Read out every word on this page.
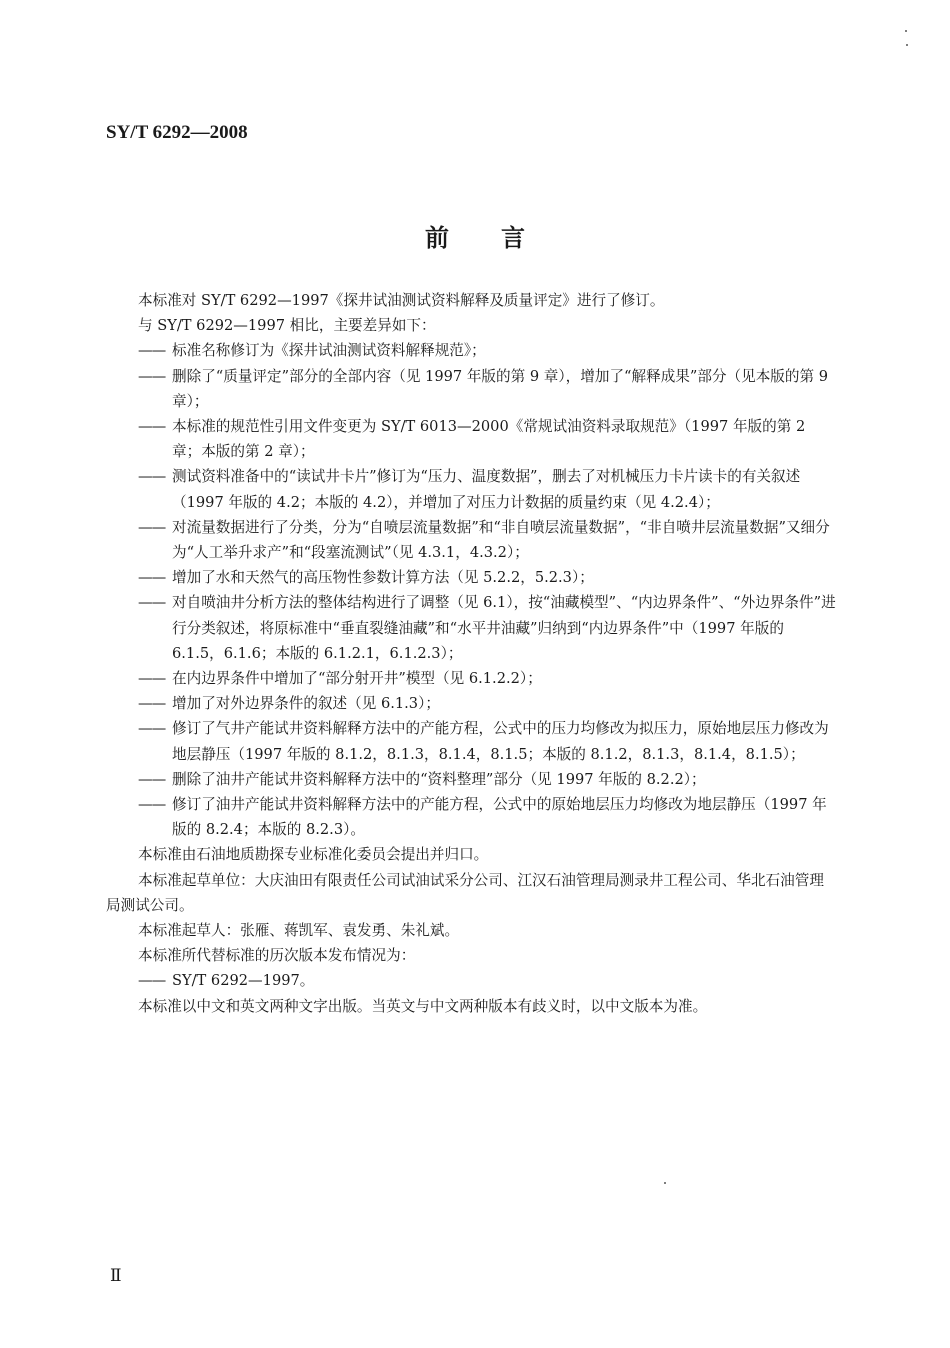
SY/T 6292—2008
前言

本标准对 SY/T 6292—1997《探井试油测试资料解释及质量评定》进行了修订。

与 SY/T 6292—1997 相比，主要差异如下：

—— 标准名称修订为《探井试油测试资料解释规范》；
—— 删除了“质量评定”部分的全部内容（见 1997 年版的第 9 章），增加了“解释成果”部分（见本版的第 9 章）；
—— 本标准的规范性引用文件变更为 SY/T 6013—2000《常规试油资料录取规范》（1997 年版的第 2 章；本版的第 2 章）；
—— 测试资料准备中的“读试井卡片”修订为“压力、温度数据”，删去了对机械压力卡片读卡的有关叙述（1997 年版的 4.2；本版的 4.2），并增加了对压力计数据的质量约束（见 4.2.4）；
—— 对流量数据进行了分类，分为“自喷层流量数据”和“非自喷层流量数据”，“非自喷井层流量数据”又细分为“人工举升求产”和“段塞流测试”（见 4.3.1，4.3.2）；
—— 增加了水和天然气的高压物性参数计算方法（见 5.2.2，5.2.3）；
—— 对自喷油井分析方法的整体结构进行了调整（见 6.1），按“油藏模型”、“内边界条件”、“外边界条件”进行分类叙述，将原标准中“垂直裂缝油藏”和“水平井油藏”归纳到“内边界条件”中（1997 年版的 6.1.5，6.1.6；本版的 6.1.2.1，6.1.2.3）；
—— 在内边界条件中增加了“部分射开井”模型（见 6.1.2.2）；
—— 增加了对外边界条件的叙述（见 6.1.3）；
—— 修订了气井产能试井资料解释方法中的产能方程，公式中的压力均修改为拟压力，原始地层压力修改为地层静压（1997 年版的 8.1.2，8.1.3，8.1.4，8.1.5；本版的 8.1.2，8.1.3，8.1.4，8.1.5）；
—— 删除了油井产能试井资料解释方法中的“资料整理”部分（见 1997 年版的 8.2.2）；
—— 修订了油井产能试井资料解释方法中的产能方程，公式中的原始地层压力均修改为地层静压（1997 年版的 8.2.4；本版的 8.2.3）。

本标准由石油地质勘探专业标准化委员会提出并归口。

本标准起草单位：大庆油田有限责任公司试油试采分公司、江汉石油管理局测录井工程公司、华北石油管理局测试公司。

本标准起草人：张雁、蒋凯军、袁发勇、朱礼斌。

本标准所代替标准的历次版本发布情况为：

—— SY/T 6292—1997。

本标准以中文和英文两种文字出版。当英文与中文两种版本有歧义时，以中文版本为准。

Ⅱ
